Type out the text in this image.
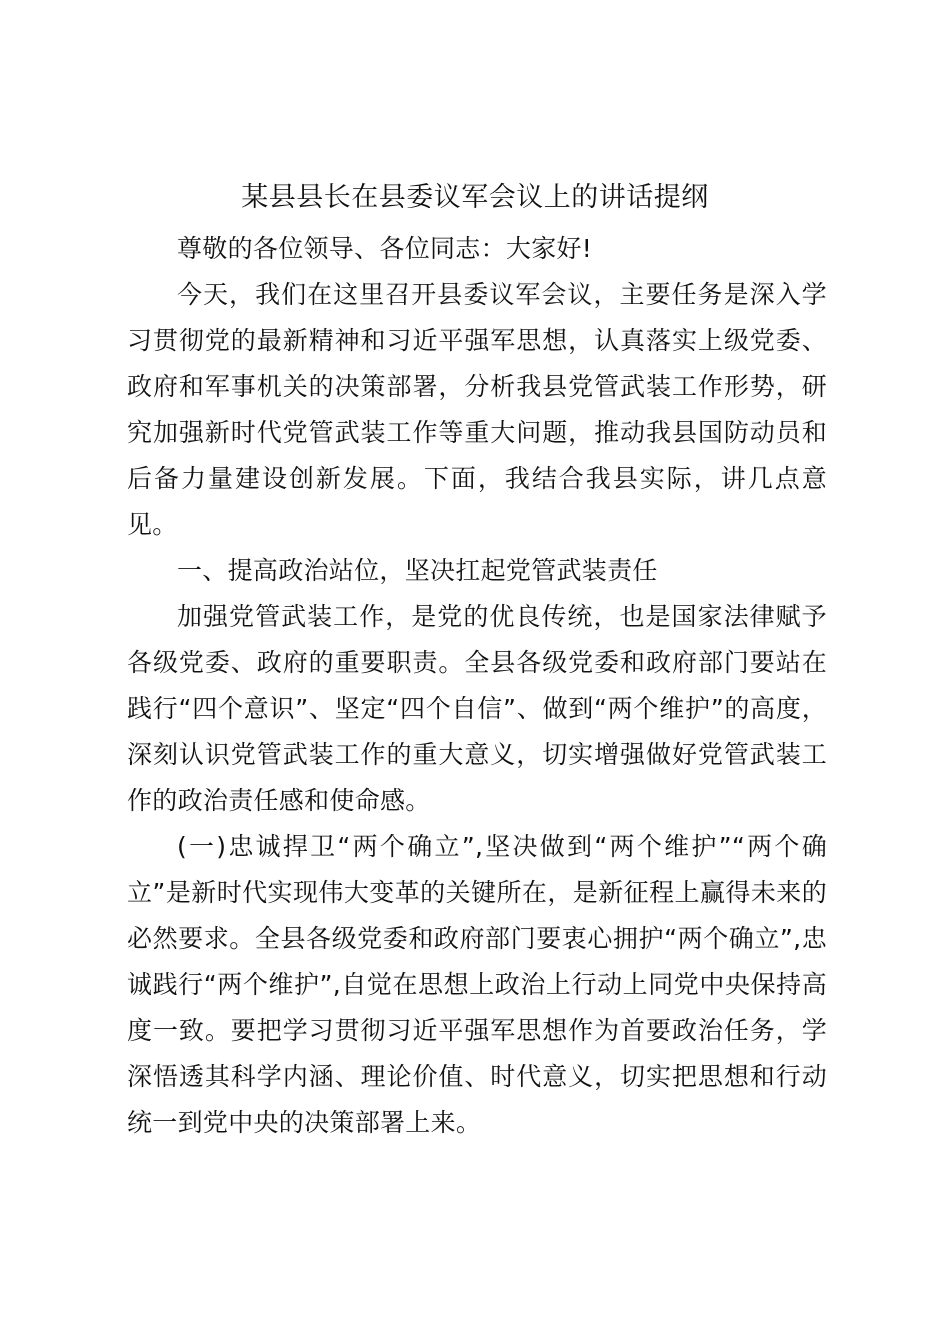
某县县长在县委议军会议上的讲话提纲

尊敬的各位领导、各位同志：大家好!

今天，我们在这里召开县委议军会议，主要任务是深入学习贯彻党的最新精神和习近平强军思想，认真落实上级党委、政府和军事机关的决策部署，分析我县党管武装工作形势，研究加强新时代党管武装工作等重大问题，推动我县国防动员和后备力量建设创新发展。下面，我结合我县实际，讲几点意见。

一、提高政治站位，坚决扛起党管武装责任

加强党管武装工作，是党的优良传统，也是国家法律赋予各级党委、政府的重要职责。全县各级党委和政府部门要站在践行“四个意识”、坚定“四个自信”、做到“两个维护”的高度，深刻认识党管武装工作的重大意义，切实增强做好党管武装工作的政治责任感和使命感。

(一)忠诚捍卫“两个确立”,坚决做到“两个维护”“两个确立”是新时代实现伟大变革的关键所在，是新征程上赢得未来的必然要求。全县各级党委和政府部门要衷心拥护“两个确立”,忠诚践行“两个维护”,自觉在思想上政治上行动上同党中央保持高度一致。要把学习贯彻习近平强军思想作为首要政治任务，学深悟透其科学内涵、理论价值、时代意义，切实把思想和行动统一到党中央的决策部署上来。
